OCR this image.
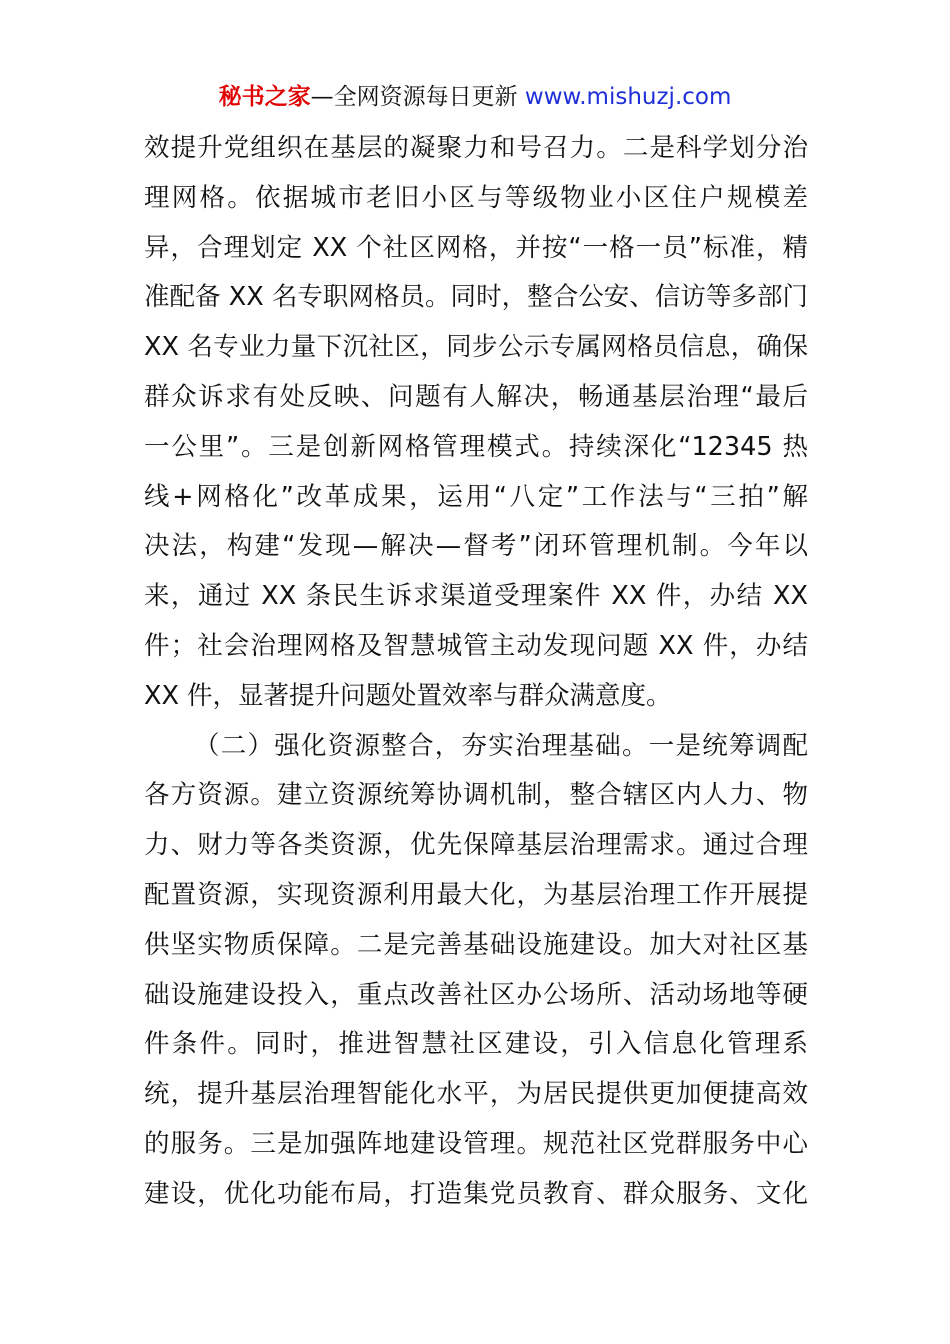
秘书之家—全网资源每日更新 www.mishuzj.com
效提升党组织在基层的凝聚力和号召力。二是科学划分治
理网格。依据城市老旧小区与等级物业小区住户规模差
异，合理划定 XX 个社区网格，并按“一格一员”标准，精
准配备 XX 名专职网格员。同时，整合公安、信访等多部门
XX 名专业力量下沉社区，同步公示专属网格员信息，确保
群众诉求有处反映、问题有人解决，畅通基层治理“最后
一公里”。三是创新网格管理模式。持续深化“12345 热
线+网格化”改革成果，运用“八定”工作法与“三拍”解
决法，构建“发现—解决—督考”闭环管理机制。今年以
来，通过 XX 条民生诉求渠道受理案件 XX 件，办结 XX
件；社会治理网格及智慧城管主动发现问题 XX 件，办结
XX 件，显著提升问题处置效率与群众满意度。
（二）强化资源整合，夯实治理基础。一是统筹调配
各方资源。建立资源统筹协调机制，整合辖区内人力、物
力、财力等各类资源，优先保障基层治理需求。通过合理
配置资源，实现资源利用最大化，为基层治理工作开展提
供坚实物质保障。二是完善基础设施建设。加大对社区基
础设施建设投入，重点改善社区办公场所、活动场地等硬
件条件。同时，推进智慧社区建设，引入信息化管理系
统，提升基层治理智能化水平，为居民提供更加便捷高效
的服务。三是加强阵地建设管理。规范社区党群服务中心
建设，优化功能布局，打造集党员教育、群众服务、文化
